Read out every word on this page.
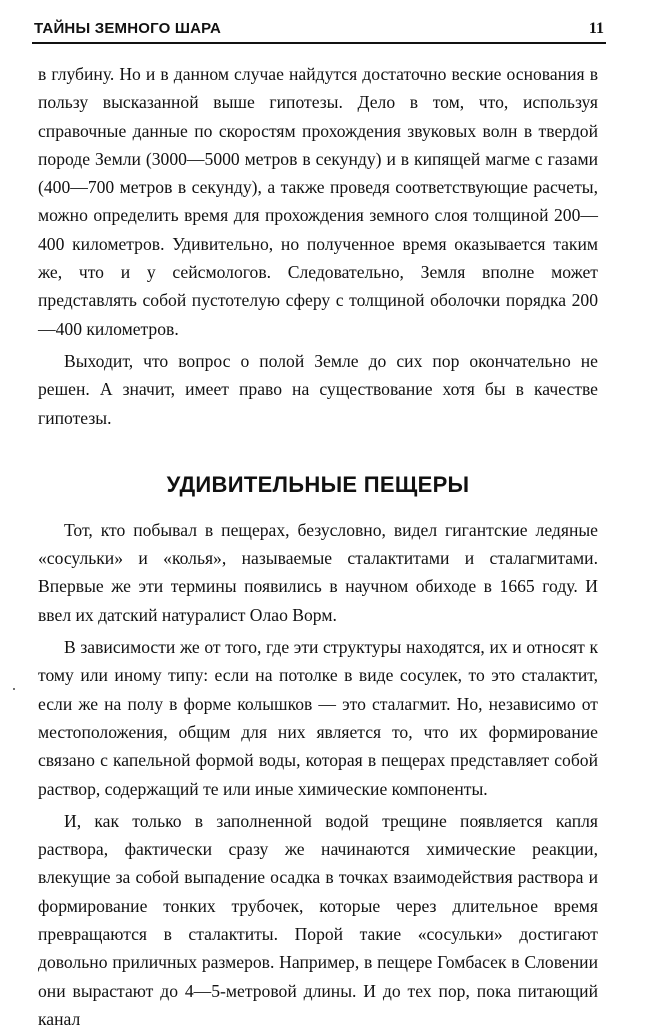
ТАЙНЫ ЗЕМНОГО ШАРА	11

в глубину. Но и в данном случае найдутся достаточно веские основания в пользу высказанной выше гипотезы. Дело в том, что, используя справочные данные по скоростям прохождения звуковых волн в твердой породе Земли (3000—5000 метров в секунду) и в кипящей магме с газами (400—700 метров в секунду), а также проведя соответствующие расчеты, можно определить время для прохождения земного слоя толщиной 200—400 километров. Удивительно, но полученное время оказывается таким же, что и у сейсмологов. Следовательно, Земля вполне может представлять собой пустотелую сферу с толщиной оболочки порядка 200—400 километров.

Выходит, что вопрос о полой Земле до сих пор окончательно не решен. А значит, имеет право на существование хотя бы в качестве гипотезы.

УДИВИТЕЛЬНЫЕ ПЕЩЕРЫ

Тот, кто побывал в пещерах, безусловно, видел гигантские ледяные «сосульки» и «колья», называемые сталактитами и сталагмитами. Впервые же эти термины появились в научном обиходе в 1665 году. И ввел их датский натуралист Олао Ворм.

В зависимости же от того, где эти структуры находятся, их и относят к тому или иному типу: если на потолке в виде сосулек, то это сталактит, если же на полу в форме колышков — это сталагмит. Но, независимо от местоположения, общим для них является то, что их формирование связано с капельной формой воды, которая в пещерах представляет собой раствор, содержащий те или иные химические компоненты.

И, как только в заполненной водой трещине появляется капля раствора, фактически сразу же начинаются химические реакции, влекущие за собой выпадение осадка в точках взаимодействия раствора и формирование тонких трубочек, которые через длительное время превращаются в сталактиты. Порой такие «сосульки» достигают довольно приличных размеров. Например, в пещере Гомбасек в Словении они вырастают до 4—5-метровой длины. И до тех пор, пока питающий канал
